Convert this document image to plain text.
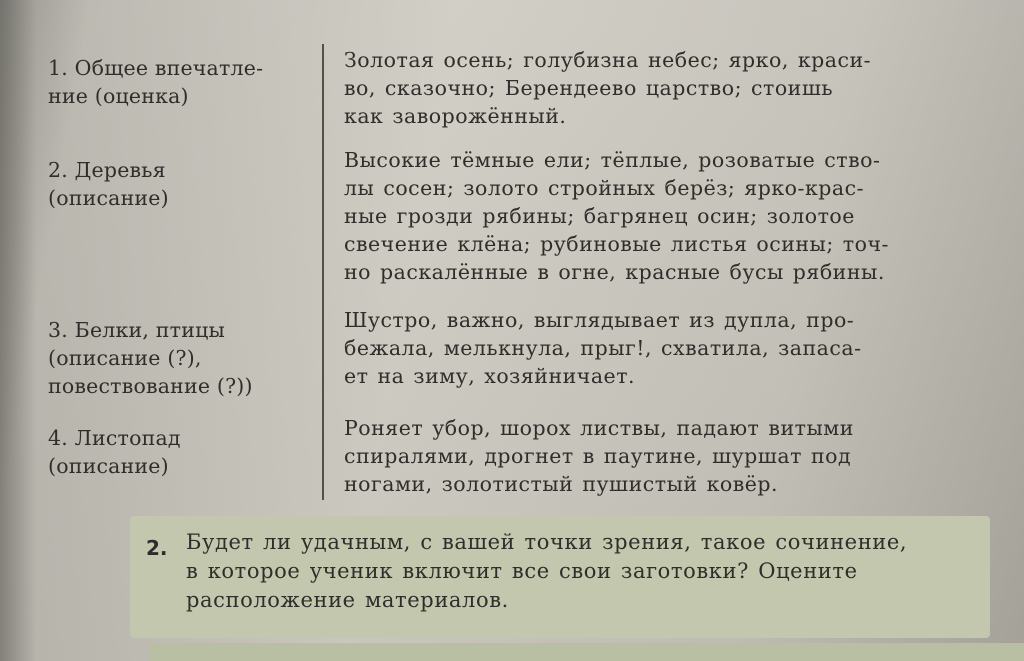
1. Общее впечатле-
ние (оценка)
Золотая осень; голубизна небес; ярко, краси-
во, сказочно; Берендеево царство; стоишь
как заворожённый.
2. Деревья
(описание)
Высокие тёмные ели; тёплые, розоватые ство-
лы сосен; золото стройных берёз; ярко-крас-
ные грозди рябины; багрянец осин; золотое
свечение клёна; рубиновые листья осины; точ-
но раскалённые в огне, красные бусы рябины.
3. Белки, птицы
(описание (?),
повествование (?))
Шустро, важно, выглядывает из дупла, про-
бежала, мелькнула, прыг!, схватила, запаса-
ет на зиму, хозяйничает.
4. Листопад
(описание)
Роняет убор, шорох листвы, падают витыми
спиралями, дрогнет в паутине, шуршат под
ногами, золотистый пушистый ковёр.
2. Будет ли удачным, с вашей точки зрения, такое сочинение,
в которое ученик включит все свои заготовки? Оцените
расположение материалов.
